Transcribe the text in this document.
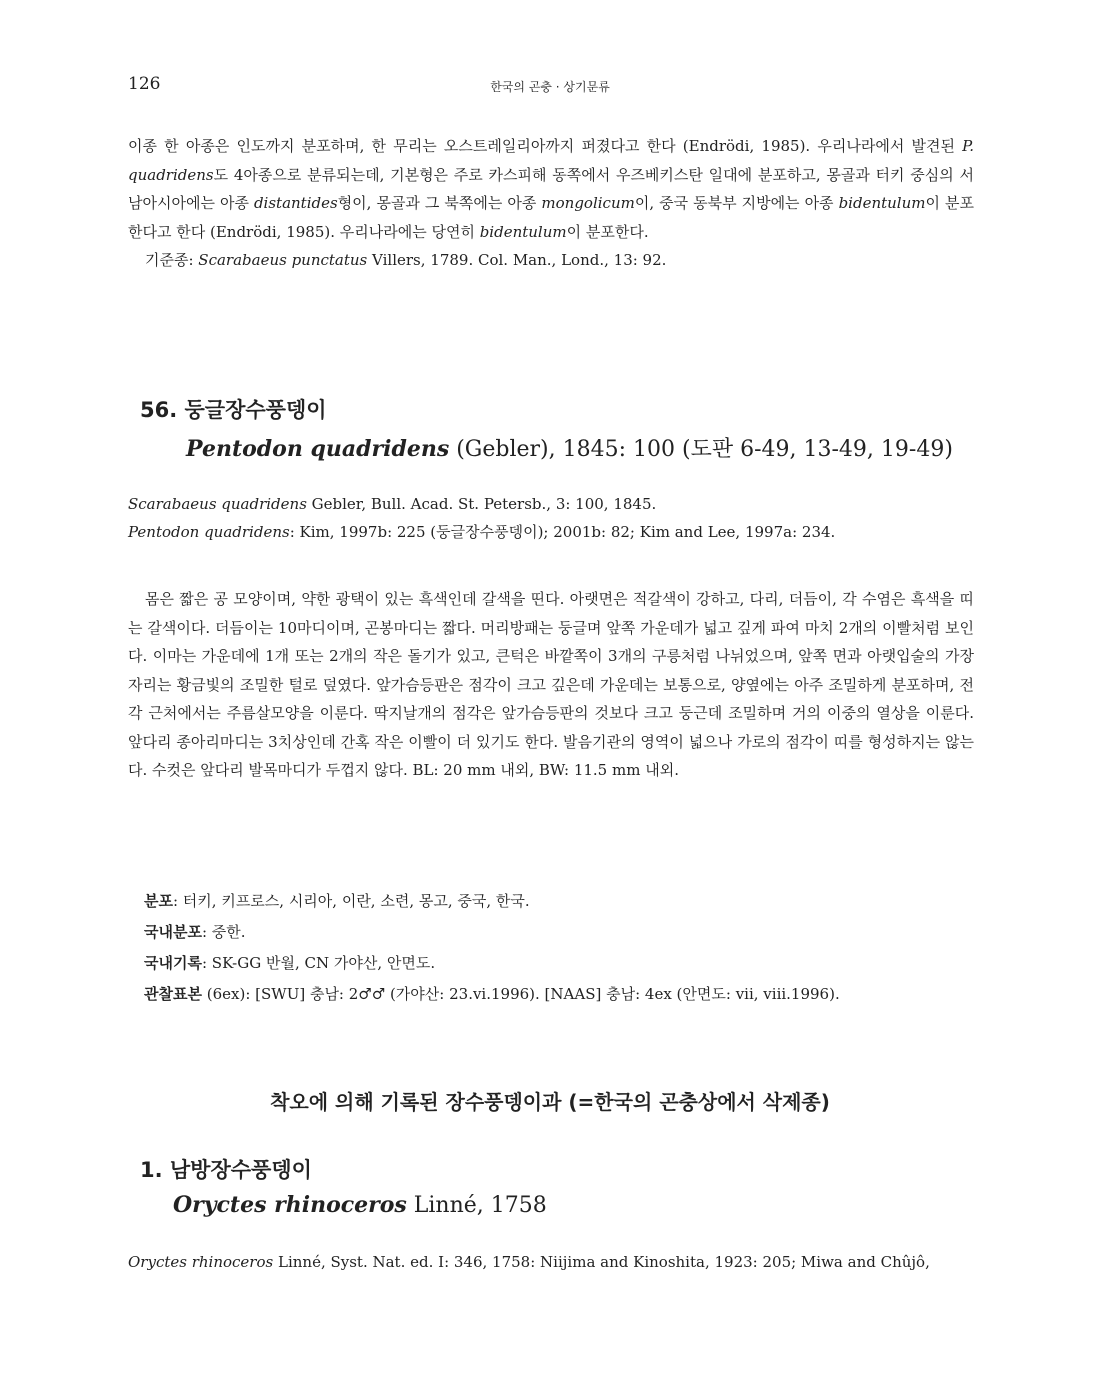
126	한국의 곤충 · 상기문류

이종 한 아종은 인도까지 분포하며, 한 무리는 오스트레일리아까지 퍼졌다고 한다 (Endrödi, 1985). 우리나라에서 발견된 P. quadridens도 4아종으로 분류되는데, 기본형은 주로 카스피해 동쪽에서 우즈베키스탄 일대에 분포하고, 몽골과 터키 중심의 서남아시아에는 아종 distantides형이, 몽골과 그 북쪽에는 아종 mongolicum이, 중국 동북부 지방에는 아종 bidentulum이 분포한다고 한다 (Endrödi, 1985). 우리나라에는 당연히 bidentulum이 분포한다.

기준종: Scarabaeus punctatus Villers, 1789. Col. Man., Lond., 13: 92.

56. 둥글장수풍뎅이
Pentodon quadridens (Gebler), 1845: 100 (도판 6-49, 13-49, 19-49)

Scarabaeus quadridens Gebler, Bull. Acad. St. Petersb., 3: 100, 1845.

Pentodon quadridens: Kim, 1997b: 225 (둥글장수풍뎅이); 2001b: 82; Kim and Lee, 1997a: 234.

몸은 짧은 공 모양이며, 약한 광택이 있는 흑색인데 갈색을 띤다. 아랫면은 적갈색이 강하고, 다리, 더듬이, 각 수염은 흑색을 띠는 갈색이다. 더듬이는 10마디이며, 곤봉마디는 짧다. 머리방패는 둥글며 앞쪽 가운데가 넓고 깊게 파여 마치 2개의 이빨처럼 보인다. 이마는 가운데에 1개 또는 2개의 작은 돌기가 있고, 큰턱은 바깥쪽이 3개의 구릉처럼 나뉘었으며, 앞쪽 면과 아랫입술의 가장자리는 황금빛의 조밀한 털로 덮였다. 앞가슴등판은 점각이 크고 깊은데 가운데는 보통으로, 양옆에는 아주 조밀하게 분포하며, 전각 근처에서는 주름살모양을 이룬다. 딱지날개의 점각은 앞가슴등판의 것보다 크고 둥근데 조밀하며 거의 이중의 열상을 이룬다. 앞다리 종아리마디는 3치상인데 간혹 작은 이빨이 더 있기도 한다. 발음기관의 영역이 넓으나 가로의 점각이 띠를 형성하지는 않는다. 수컷은 앞다리 발목마디가 두껍지 않다. BL: 20 mm 내외, BW: 11.5 mm 내외.

분포: 터키, 키프로스, 시리아, 이란, 소련, 몽고, 중국, 한국.

국내분포: 중한.

국내기록: SK-GG 반월, CN 가야산, 안면도.

관찰표본 (6ex): [SWU] 충남: 2♂♂ (가야산: 23.vi.1996). [NAAS] 충남: 4ex (안면도: vii, viii.1996).

착오에 의해 기록된 장수풍뎅이과 (=한국의 곤충상에서 삭제종)
1. 남방장수풍뎅이
Oryctes rhinoceros Linné, 1758
Oryctes rhinoceros Linné, Syst. Nat. ed. I: 346, 1758: Niijima and Kinoshita, 1923: 205; Miwa and Chûjô,
